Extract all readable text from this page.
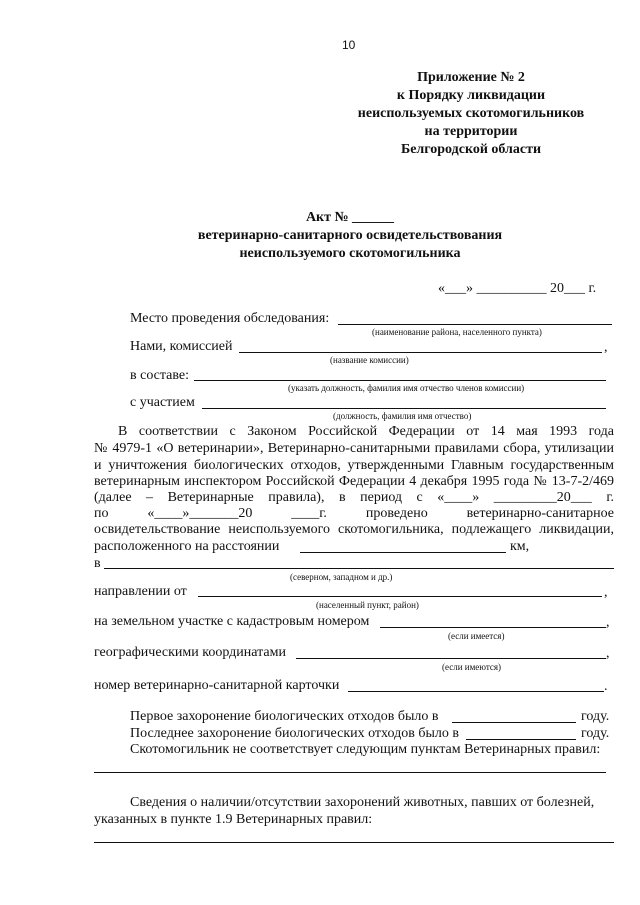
10
Приложение № 2
к Порядку ликвидации
неиспользуемых скотомогильников
на территории
Белгородской области
Акт № ______
ветеринарно-санитарного освидетельствования
неиспользуемого скотомогильника
«___» __________ 20___ г.
Место проведения обследования:
(наименование района, населенного пункта)
Нами, комиссией	,
(название комиссии)
в составе:
(указать должность, фамилия имя отчество членов комиссии)
с участием
(должность, фамилия имя отчество)
В соответствии с Законом Российской Федерации от 14 мая 1993 года
№ 4979-1 «О ветеринарии», Ветеринарно-санитарными правилами сбора, утилизации
и уничтожения биологических отходов, утвержденными Главным государственным
ветеринарным инспектором Российской Федерации 4 декабря 1995 года № 13-7-2/469
(далее – Ветеринарные правила), в период с «____» _________20___ г.
по «____»_______20 ____г. проведено ветеринарно-санитарное
освидетельствование неиспользуемого скотомогильника, подлежащего ликвидации,
расположенного на расстоянии	км,
в
(северном, западном и др.)
направлении от	,
(населенный пункт, район)
на земельном участке с кадастровым номером	,
(если имеется)
географическими координатами	,
(если имеются)
номер ветеринарно-санитарной карточки	.
Первое захоронение биологических отходов было в	году.
Последнее захоронение биологических отходов было в	году.
Скотомогильник не соответствует следующим пунктам Ветеринарных правил:
Сведения о наличии/отсутствии захоронений животных, павших от болезней,
указанных в пункте 1.9 Ветеринарных правил:
